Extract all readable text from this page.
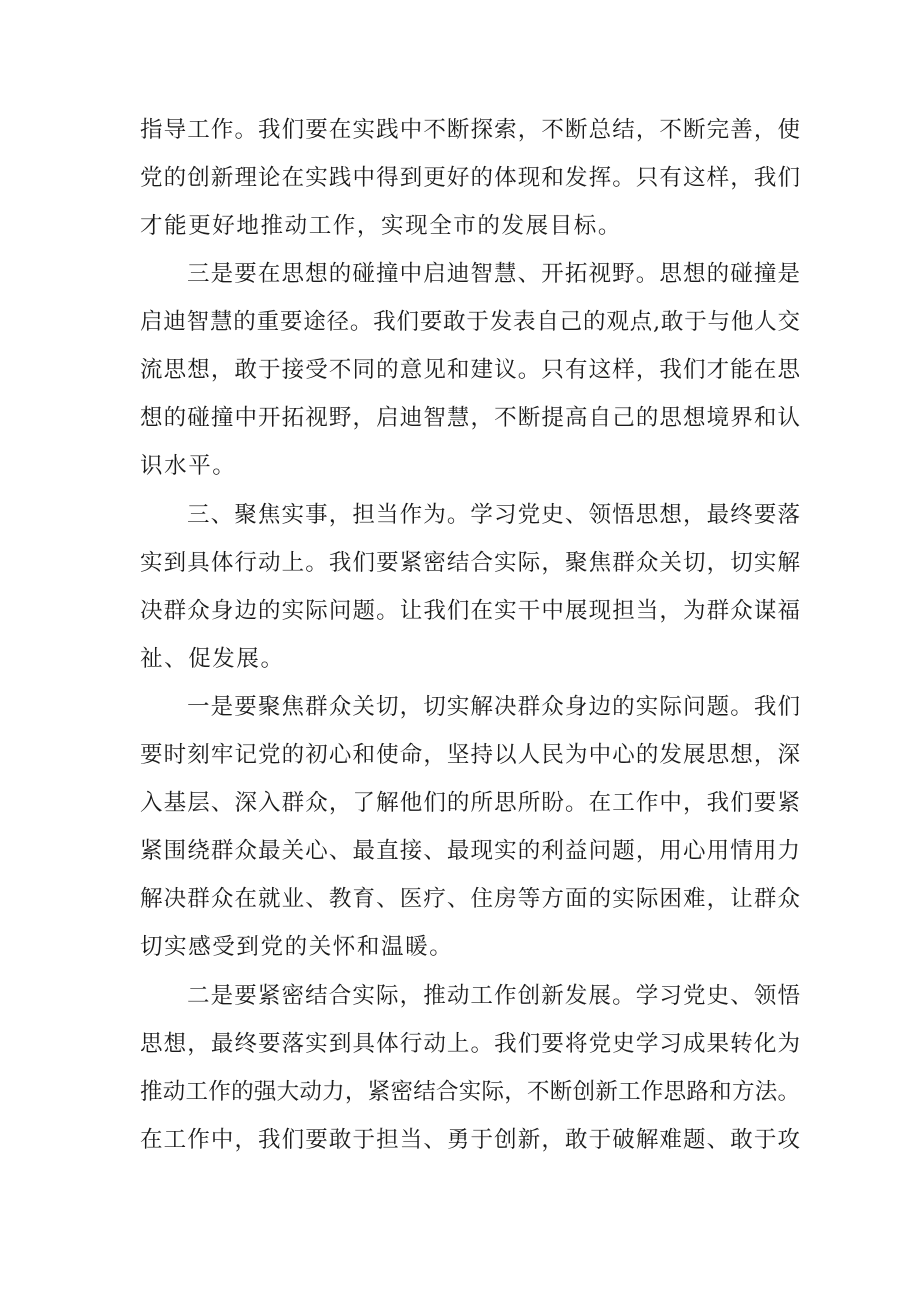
指导工作。我们要在实践中不断探索，不断总结，不断完善，使
党的创新理论在实践中得到更好的体现和发挥。只有这样，我们
才能更好地推动工作，实现全市的发展目标。
三是要在思想的碰撞中启迪智慧、开拓视野。思想的碰撞是
启迪智慧的重要途径。我们要敢于发表自己的观点,敢于与他人交
流思想，敢于接受不同的意见和建议。只有这样，我们才能在思
想的碰撞中开拓视野，启迪智慧，不断提高自己的思想境界和认
识水平。
三、聚焦实事，担当作为。学习党史、领悟思想，最终要落
实到具体行动上。我们要紧密结合实际，聚焦群众关切，切实解
决群众身边的实际问题。让我们在实干中展现担当，为群众谋福
祉、促发展。
一是要聚焦群众关切，切实解决群众身边的实际问题。我们
要时刻牢记党的初心和使命，坚持以人民为中心的发展思想，深
入基层、深入群众，了解他们的所思所盼。在工作中，我们要紧
紧围绕群众最关心、最直接、最现实的利益问题，用心用情用力
解决群众在就业、教育、医疗、住房等方面的实际困难，让群众
切实感受到党的关怀和温暖。
二是要紧密结合实际，推动工作创新发展。学习党史、领悟
思想，最终要落实到具体行动上。我们要将党史学习成果转化为
推动工作的强大动力，紧密结合实际，不断创新工作思路和方法。
在工作中，我们要敢于担当、勇于创新，敢于破解难题、敢于攻
